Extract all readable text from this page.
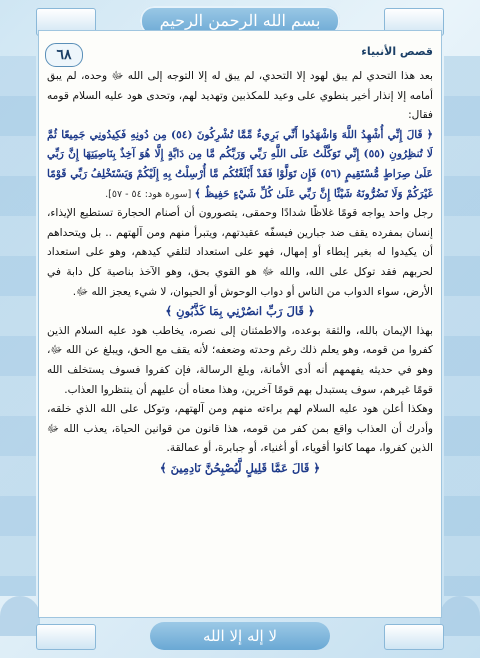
بسم الله الرحمن الرحيم
٦٨	قصص الأنبياء

بعد هذا التحدي لم يبق لهود إلا التحدي، لم يبق له إلا التوجه إلى الله ﷻ وحده، لم يبق أمامه إلا إنذار أخير ينطوي على وعيد للمكذبين وتهديد لهم، وتحدى هود عليه السلام قومه فقال:

﴿ قَالَ إِنِّي أُشْهِدُ اللَّهَ وَاشْهَدُوا أَنِّي بَرِيءٌ مِّمَّا تُشْرِكُونَ (٥٤) مِن دُونِهِ فَكِيدُونِي جَمِيعًا ثُمَّ لَا تُنظِرُونِ (٥٥) إِنِّي تَوَكَّلْتُ عَلَى اللَّهِ رَبِّي وَرَبِّكُم مَّا مِن دَابَّةٍ إِلَّا هُوَ آخِذٌ بِنَاصِيَتِهَا إِنَّ رَبِّي عَلَىٰ صِرَاطٍ مُّسْتَقِيمٍ (٥٦) فَإِن تَوَلَّوْا فَقَدْ أَبْلَغْتُكُم مَّا أُرْسِلْتُ بِهِ إِلَيْكُمْ وَيَسْتَخْلِفُ رَبِّي قَوْمًا غَيْرَكُمْ وَلَا تَضُرُّونَهُ شَيْئًا إِنَّ رَبِّي عَلَىٰ كُلِّ شَيْءٍ حَفِيظٌ ﴾ [سورة هود: ٥٤ - ٥٧].

رجل واحد يواجه قومًا غلاظًا شدادًا وحمقى، يتصورون أن أصنام الحجارة تستطيع الإيذاء، إنسان بمفرده يقف ضد جبارين فيسفّه عقيدتهم، ويتبرأ منهم ومن آلهتهم .. بل ويتحداهم أن يكيدوا له بغير إبطاء أو إمهال، فهو على استعداد لتلقي كيدهم، وهو على استعداد لحربهم فقد توكل على الله، والله ﷻ هو القوي بحق، وهو الآخذ بناصية كل دابة في الأرض، سواء الدواب من الناس أو دواب الوحوش أو الحيوان، لا شيء يعجز الله ﷻ.

﴿ قَالَ رَبِّ انصُرْنِي بِمَا كَذَّبُونِ ﴾

بهذا الإيمان بالله، والثقة بوعده، والاطمئنان إلى نصره، يخاطب هود عليه السلام الذين كفروا من قومه، وهو يعلم ذلك رغم وحدته وضعفه؛ لأنه يقف مع الحق، ويبلغ عن الله ﷻ، وهو في حديثه يفهمهم أنه أدى الأمانة، وبلغ الرسالة، فإن كفروا فسوف يستخلف الله قومًا غيرهم، سوف يستبدل بهم قومًا آخرين، وهذا معناه أن عليهم أن ينتظروا العذاب.

وهكذا أعلن هود عليه السلام لهم براءته منهم ومن آلهتهم، وتوكل على الله الذي خلقه، وأدرك أن العذاب واقع بمن كفر من قومه، هذا قانون من قوانين الحياة، يعذب الله ﷻ الذين كفروا، مهما كانوا أقوياء، أو أغنياء، أو جبابرة، أو عمالقة.

﴿ قَالَ عَمَّا قَلِيلٍ لَّيُصْبِحُنَّ نَادِمِينَ ﴾

لا إله إلا الله
